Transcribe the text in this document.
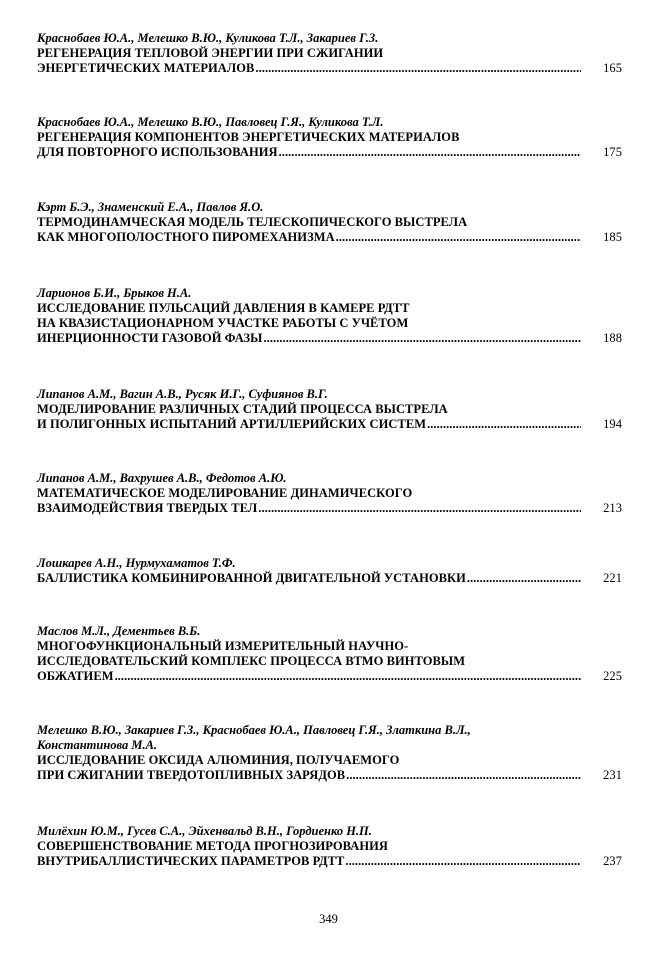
Краснобаев Ю.А., Мелешко В.Ю., Куликова Т.Л., Закариев Г.З.
РЕГЕНЕРАЦИЯ ТЕПЛОВОЙ ЭНЕРГИИ ПРИ СЖИГАНИИ
ЭНЕРГЕТИЧЕСКИХ МАТЕРИАЛОВ .....	165
Краснобаев Ю.А., Мелешко В.Ю., Павловец Г.Я., Куликова Т.Л.
РЕГЕНЕРАЦИЯ КОМПОНЕНТОВ ЭНЕРГЕТИЧЕСКИХ МАТЕРИАЛОВ
ДЛЯ ПОВТОРНОГО ИСПОЛЬЗОВАНИЯ .....	175
Кэрт Б.Э., Знаменский Е.А., Павлов Я.О.
ТЕРМОДИНАМЧЕСКАЯ МОДЕЛЬ ТЕЛЕСКОПИЧЕСКОГО ВЫСТРЕЛА
КАК МНОГОПОЛОСТНОГО ПИРОМЕХАНИЗМА .....	185
Ларионов Б.И., Брыков Н.А.
ИССЛЕДОВАНИЕ ПУЛЬСАЦИЙ ДАВЛЕНИЯ В КАМЕРЕ РДТТ
НА КВАЗИСТАЦИОНАРНОМ УЧАСТКЕ РАБОТЫ С УЧЁТОМ
ИНЕРЦИОННОСТИ ГАЗОВОЙ ФАЗЫ .....	188
Липанов А.М., Вагин А.В., Русяк И.Г., Суфиянов В.Г.
МОДЕЛИРОВАНИЕ РАЗЛИЧНЫХ СТАДИЙ ПРОЦЕССА ВЫСТРЕЛА
И ПОЛИГОННЫХ ИСПЫТАНИЙ АРТИЛЛЕРИЙСКИХ СИСТЕМ .....	194
Липанов А.М., Вахрушев А.В., Федотов А.Ю.
МАТЕМАТИЧЕСКОЕ МОДЕЛИРОВАНИЕ ДИНАМИЧЕСКОГО
ВЗАИМОДЕЙСТВИЯ ТВЕРДЫХ ТЕЛ .....	213
Лошкарев А.Н., Нурмухаматов Т.Ф.
БАЛЛИСТИКА КОМБИНИРОВАННОЙ ДВИГАТЕЛЬНОЙ УСТАНОВКИ .....	221
Маслов М.Л., Дементьев В.Б.
МНОГОФУНКЦИОНАЛЬНЫЙ ИЗМЕРИТЕЛЬНЫЙ НАУЧНО-
ИССЛЕДОВАТЕЛЬСКИЙ КОМПЛЕКС ПРОЦЕССА ВТМО ВИНТОВЫМ
ОБЖАТИЕМ .....	225
Мелешко В.Ю., Закариев Г.З., Краснобаев Ю.А., Павловец Г.Я., Златкина В.Л.,
Константинова М.А.
ИССЛЕДОВАНИЕ ОКСИДА АЛЮМИНИЯ, ПОЛУЧАЕМОГО
ПРИ СЖИГАНИИ ТВЕРДОТОПЛИВНЫХ ЗАРЯДОВ .....	231
Милёхин Ю.М., Гусев С.А., Эйхенвальд В.Н., Гордиенко Н.П.
СОВЕРШЕНСТВОВАНИЕ МЕТОДА ПРОГНОЗИРОВАНИЯ
ВНУТРИБАЛЛИСТИЧЕСКИХ ПАРАМЕТРОВ РДТТ .....	237
349
